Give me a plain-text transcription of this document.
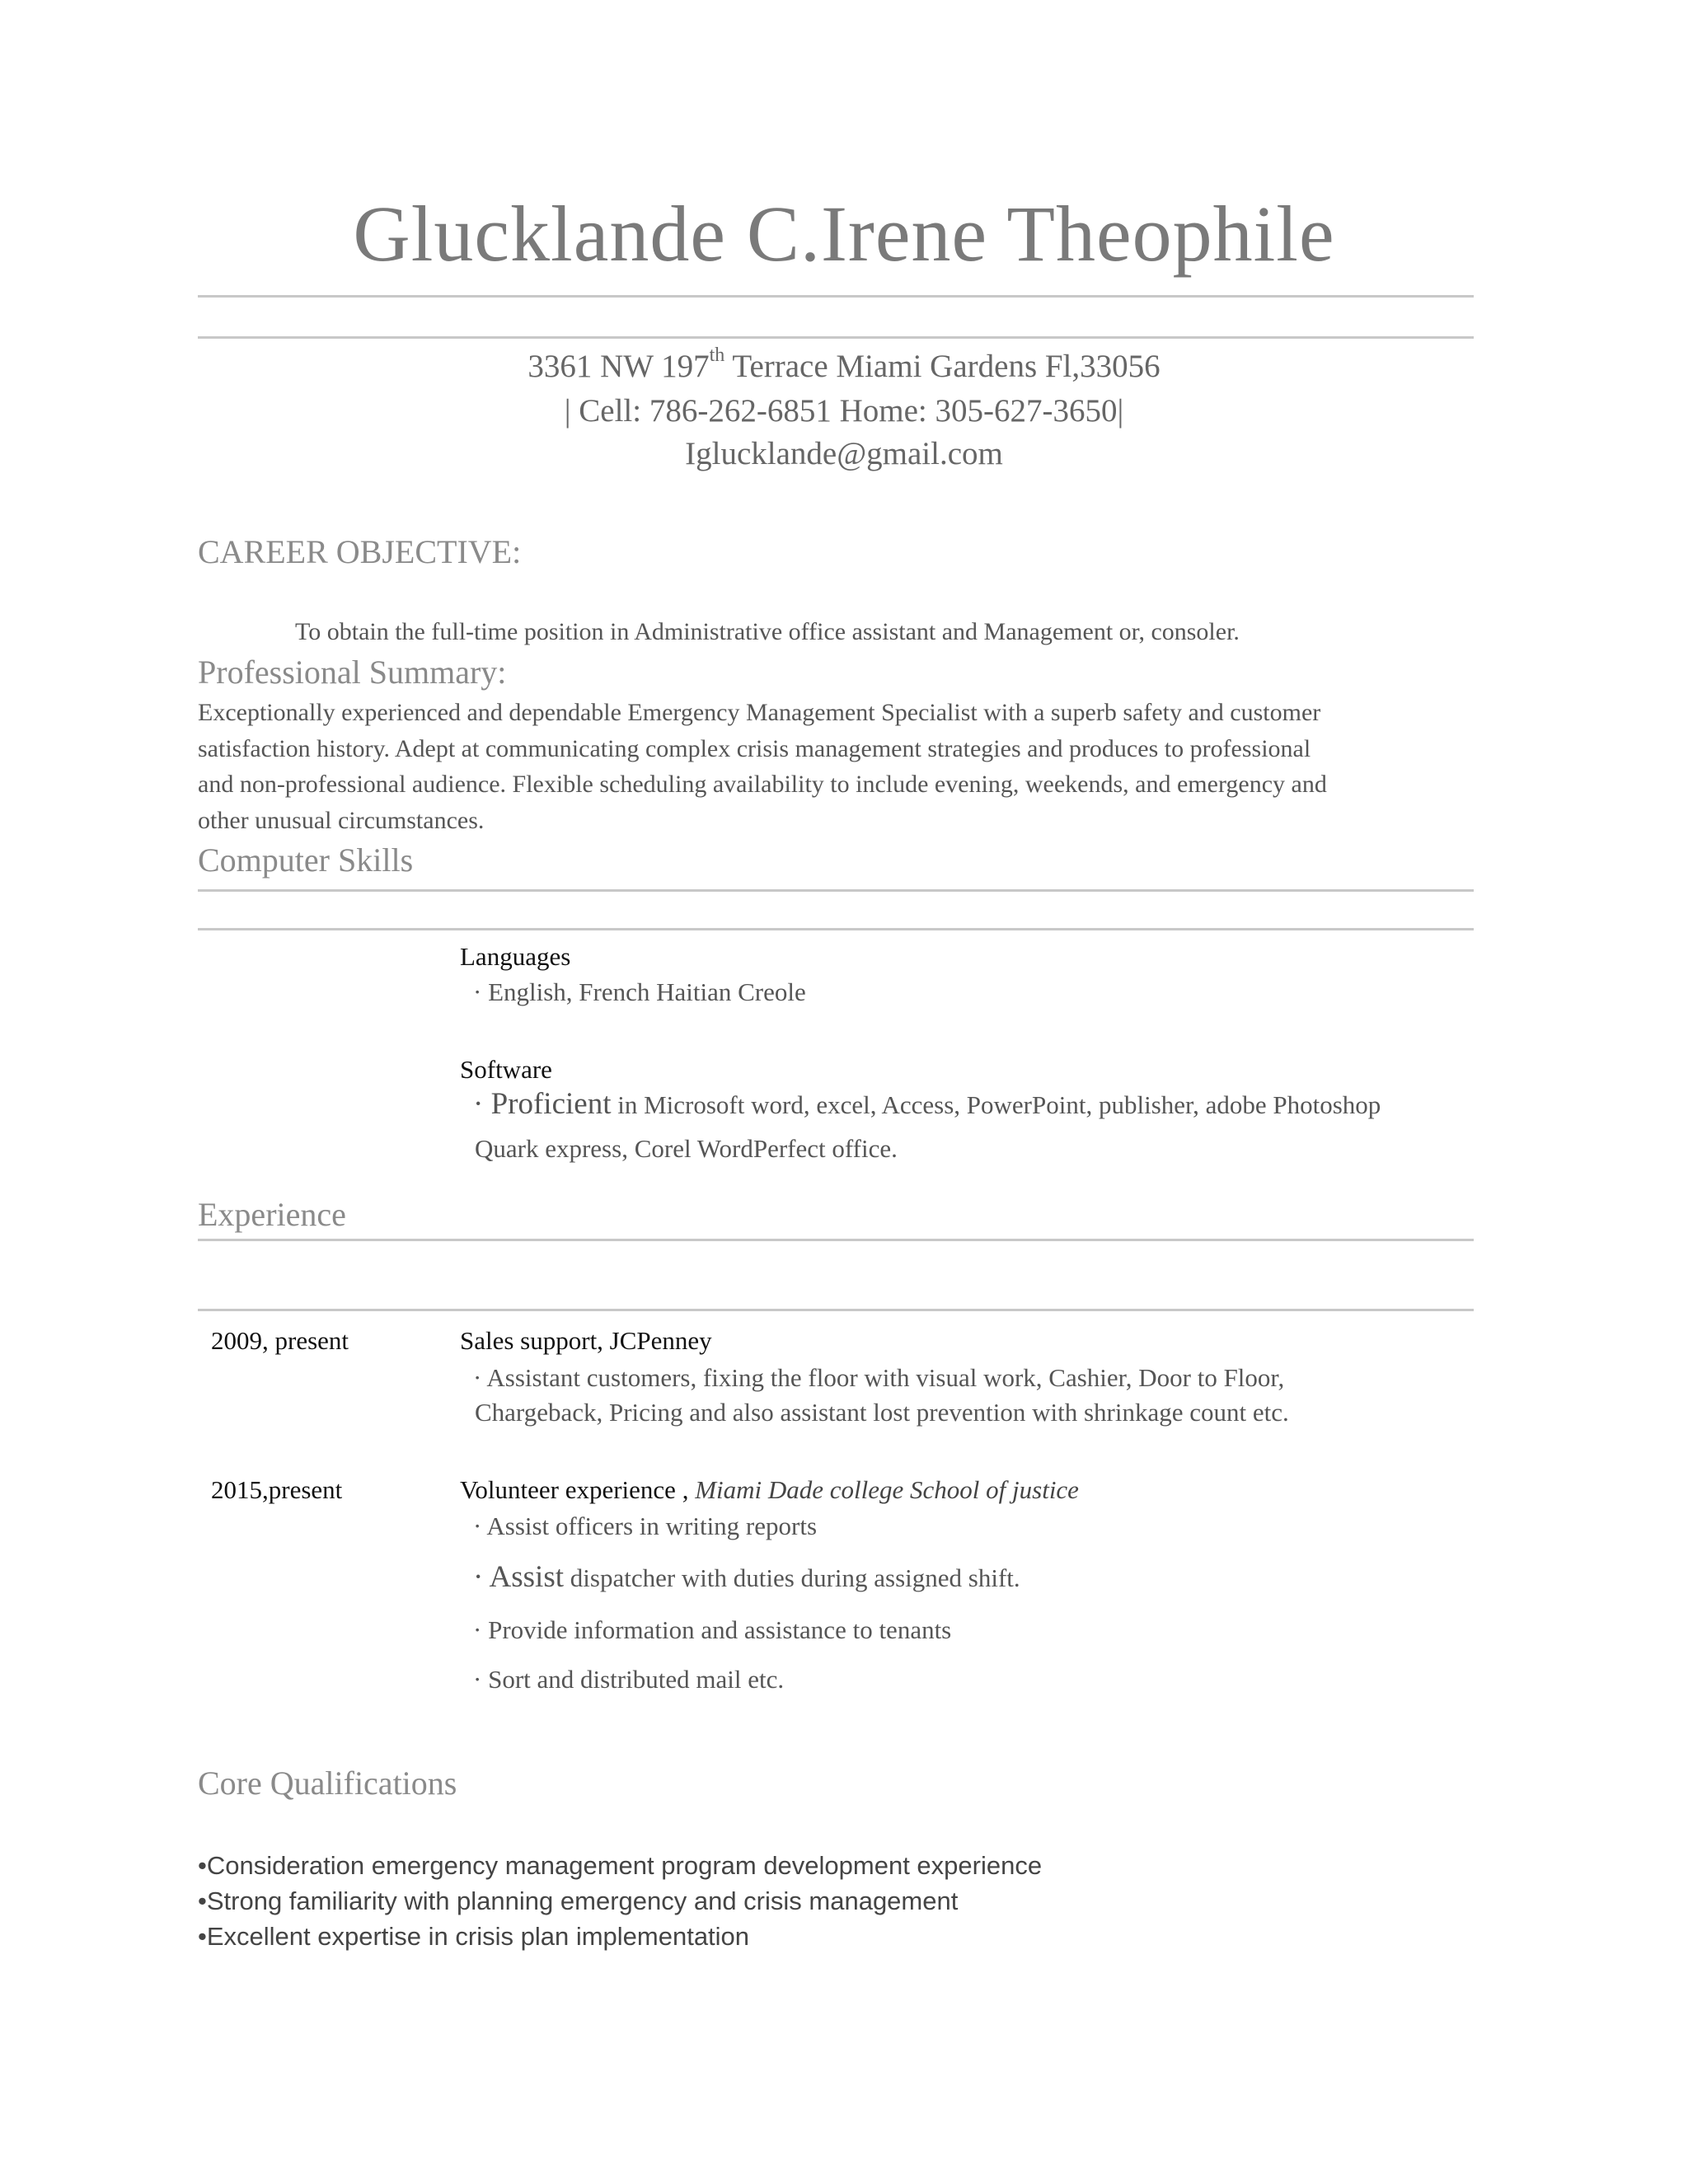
Glucklande C.Irene Theophile
3361 NW 197th Terrace Miami Gardens Fl,33056
| Cell: 786-262-6851 Home: 305-627-3650|
Iglucklande@gmail.com
CAREER OBJECTIVE:
To obtain the full-time position in Administrative office assistant and Management or, consoler.
Professional Summary:
Exceptionally experienced and dependable Emergency Management Specialist with a superb safety and customer
satisfaction history. Adept at communicating complex crisis management strategies and produces to professional
and non-professional audience. Flexible scheduling availability to include evening, weekends, and emergency and
other unusual circumstances.
Computer Skills
Languages
· English, French Haitian Creole
Software
· Proficient in Microsoft word, excel, Access, PowerPoint, publisher, adobe Photoshop
Quark express, Corel WordPerfect office.
Experience
2009, present	Sales support, JCPenney
· Assistant customers, fixing the floor with visual work, Cashier, Door to Floor,
Chargeback, Pricing and also assistant lost prevention with shrinkage count etc.
2015,present	Volunteer experience , Miami Dade college School of justice
· Assist officers in writing reports
· Assist dispatcher with duties during assigned shift.
· Provide information and assistance to tenants
· Sort and distributed mail etc.
Core Qualifications
•Consideration emergency management program development experience
•Strong familiarity with planning emergency and crisis management
•Excellent expertise in crisis plan implementation
